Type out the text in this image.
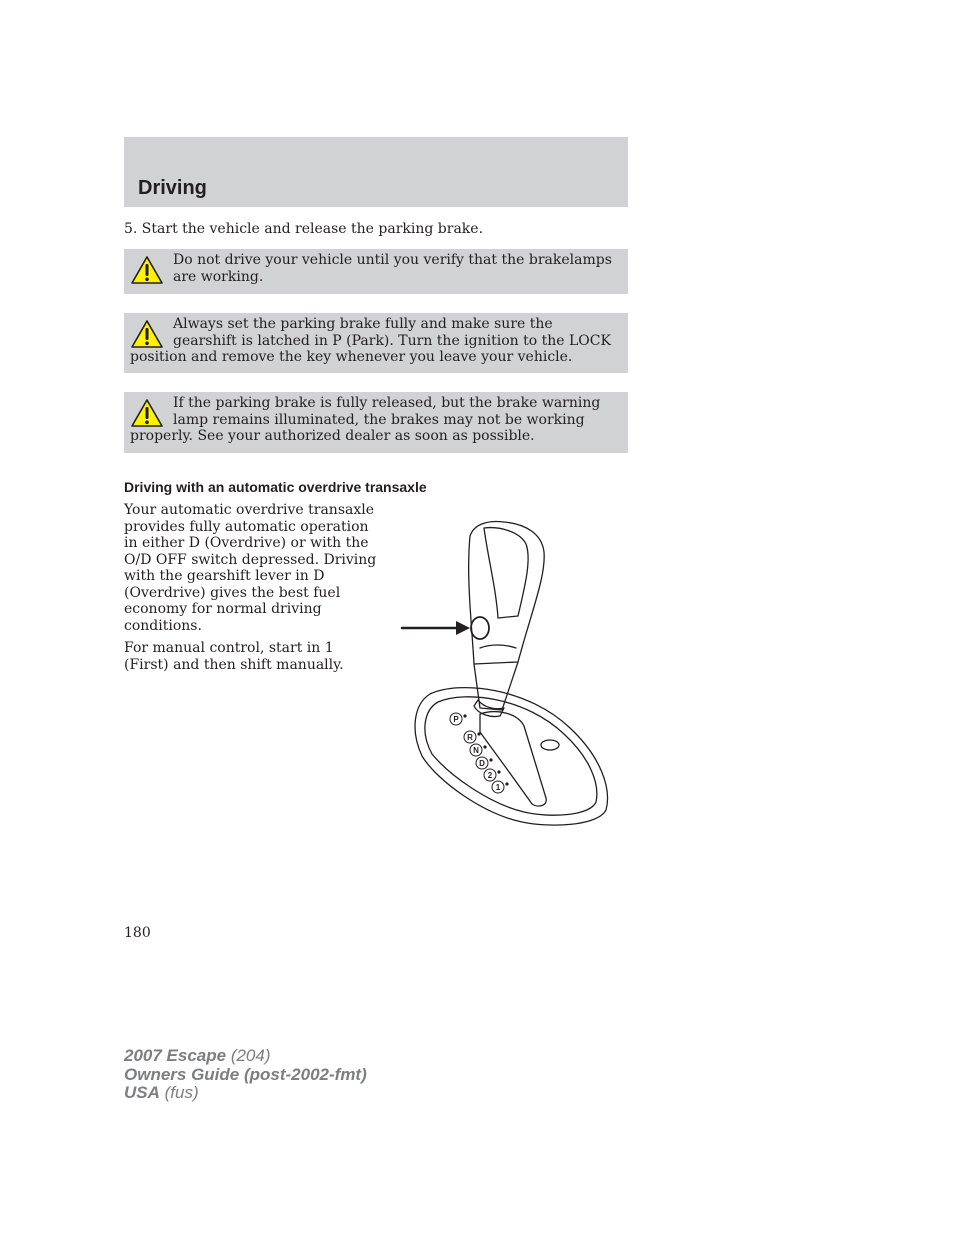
Driving
5. Start the vehicle and release the parking brake.
Do not drive your vehicle until you verify that the brakelamps are working.
Always set the parking brake fully and make sure the gearshift is latched in P (Park). Turn the ignition to the LOCK position and remove the key whenever you leave your vehicle.
If the parking brake is fully released, but the brake warning lamp remains illuminated, the brakes may not be working properly. See your authorized dealer as soon as possible.
Driving with an automatic overdrive transaxle

Your automatic overdrive transaxle provides fully automatic operation in either D (Overdrive) or with the O/D OFF switch depressed. Driving with the gearshift lever in D (Overdrive) gives the best fuel economy for normal driving conditions.

For manual control, start in 1 (First) and then shift manually.

P
R
N
D
2
1
180
2007 Escape (204)
Owners Guide (post-2002-fmt)
USA (fus)
